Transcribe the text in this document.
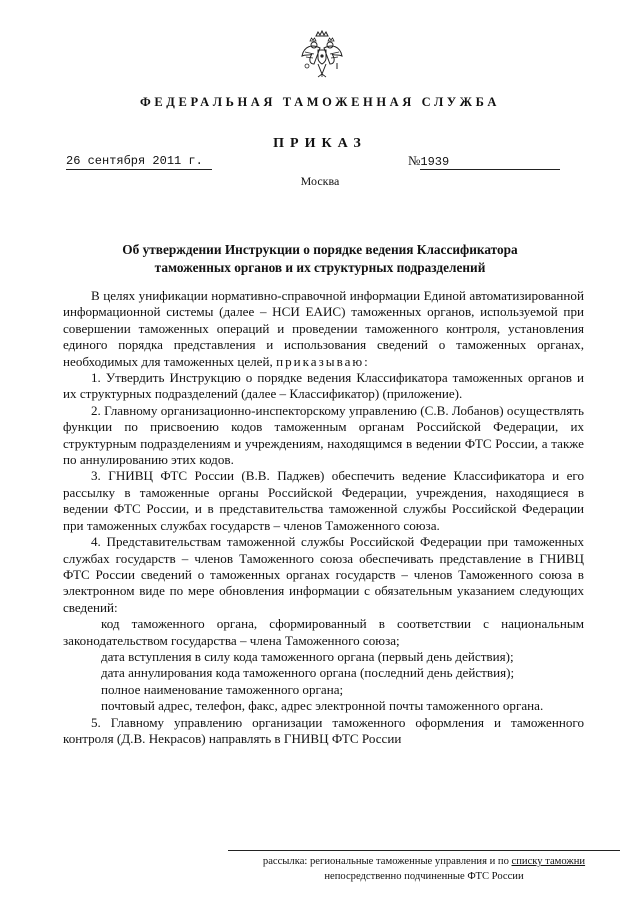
ФЕДЕРАЛЬНАЯ ТАМОЖЕННАЯ СЛУЖБА
ПРИКАЗ
26 сентября 2011 г.	№1939
Москва
Об утверждении Инструкции о порядке ведения Классификатора
таможенных органов и их структурных подразделений

В целях унификации нормативно-справочной информации Единой автоматизированной информационной системы (далее – НСИ ЕАИС) таможенных органов, используемой при совершении таможенных операций и проведении таможенного контроля, установления единого порядка представления и использования сведений о таможенных органах, необходимых для таможенных целей, приказываю:

1. Утвердить Инструкцию о порядке ведения Классификатора таможенных органов и их структурных подразделений (далее – Классификатор) (приложение).

2. Главному организационно-инспекторскому управлению (С.В. Лобанов) осуществлять функции по присвоению кодов таможенным органам Российской Федерации, их структурным подразделениям и учреждениям, находящимся в ведении ФТС России, а также по аннулированию этих кодов.

3. ГНИВЦ ФТС России (В.В. Паджев) обеспечить ведение Классификатора и его рассылку в таможенные органы Российской Федерации, учреждения, находящиеся в ведении ФТС России, и в представительства таможенной службы Российской Федерации при таможенных службах государств – членов Таможенного союза.

4. Представительствам таможенной службы Российской Федерации при таможенных службах государств – членов Таможенного союза обеспечивать представление в ГНИВЦ ФТС России сведений о таможенных органах государств – членов Таможенного союза в электронном виде по мере обновления информации с обязательным указанием следующих сведений:

код таможенного органа, сформированный в соответствии с национальным законодательством государства – члена Таможенного союза;

дата вступления в силу кода таможенного органа (первый день действия);

дата аннулирования кода таможенного органа (последний день действия);

полное наименование таможенного органа;

почтовый адрес, телефон, факс, адрес электронной почты таможенного органа.

5. Главному управлению организации таможенного оформления и таможенного контроля (Д.В. Некрасов) направлять в ГНИВЦ ФТС России

рассылка: региональные таможенные управления и по списку таможни
непосредственно подчиненные ФТС России
